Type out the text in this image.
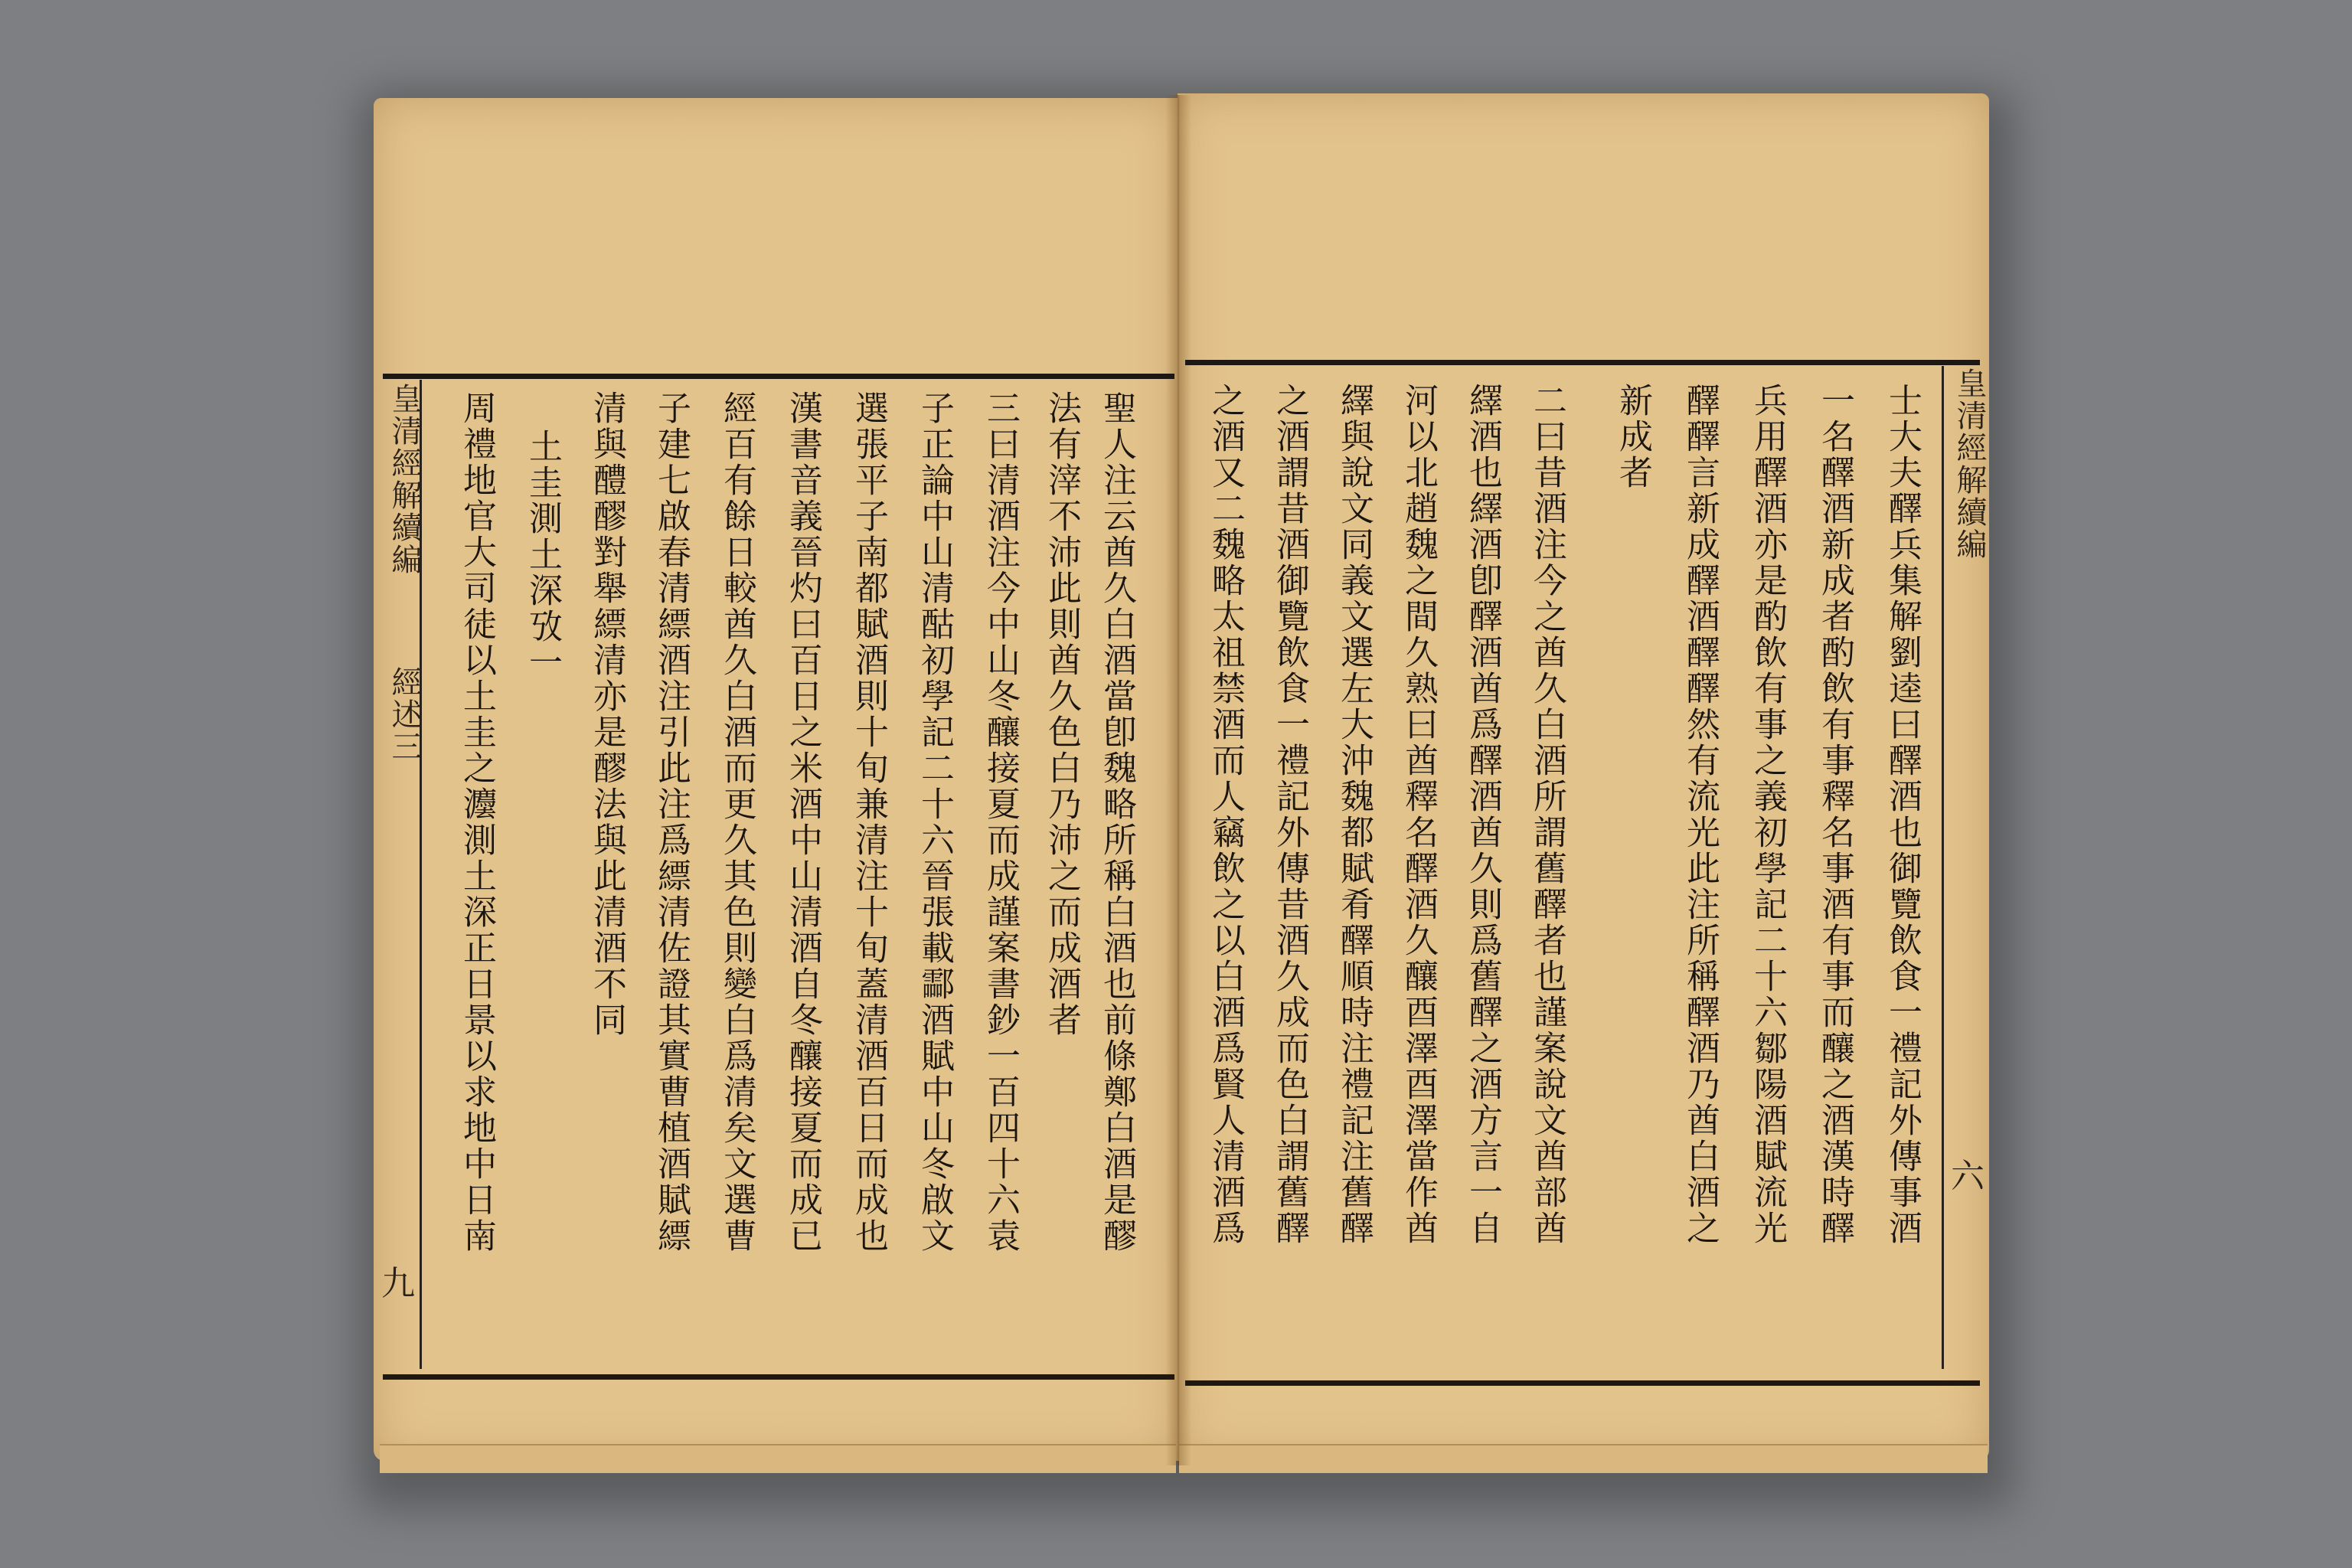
皇清經解續編
經述三
九
聖人注云酋久白酒當卽魏略所稱白酒也前條鄭白酒是醪
法有滓不沛此則酋久色白乃沛之而成酒者
三曰清酒注今中山冬釀接夏而成謹案書鈔一百四十六袁
子正論中山清酤初學記二十六晉張載酃酒賦中山冬啟文
選張平子南都賦酒則十旬兼清注十旬蓋清酒百日而成也
漢書音義晉灼曰百日之米酒中山清酒自冬釀接夏而成已
經百有餘日較酋久白酒而更久其色則變白爲清矣文選曹
子建七啟春清縹酒注引此注爲縹清佐證其實曹植酒賦縹
清與醴醪對舉縹清亦是醪法與此清酒不同
土圭測土深攷一
周禮地官大司徒以土圭之灋測土深正日景以求地中日南	皇清經解續編
六
士大夫醳兵集解劉逵曰醳酒也御覽飲食一禮記外傳事酒
一名醳酒新成者酌飲有事釋名事酒有事而釀之酒漢時醳
兵用醳酒亦是酌飲有事之義初學記二十六鄒陽酒賦流光
醳醳言新成醳酒醳醳然有流光此注所稱醳酒乃酋白酒之
新成者
二曰昔酒注今之酋久白酒所謂舊醳者也謹案說文酋部酋
繹酒也繹酒卽醳酒酋爲醳酒酋久則爲舊醳之酒方言一自
河以北趙魏之間久熟曰酋釋名醳酒久釀酉澤酉澤當作酋
繹與說文同義文選左大沖魏都賦肴醳順時注禮記注舊醳
之酒謂昔酒御覽飲食一禮記外傳昔酒久成而色白謂舊醳
之酒又二魏略太祖禁酒而人竊飲之以白酒爲賢人清酒爲
